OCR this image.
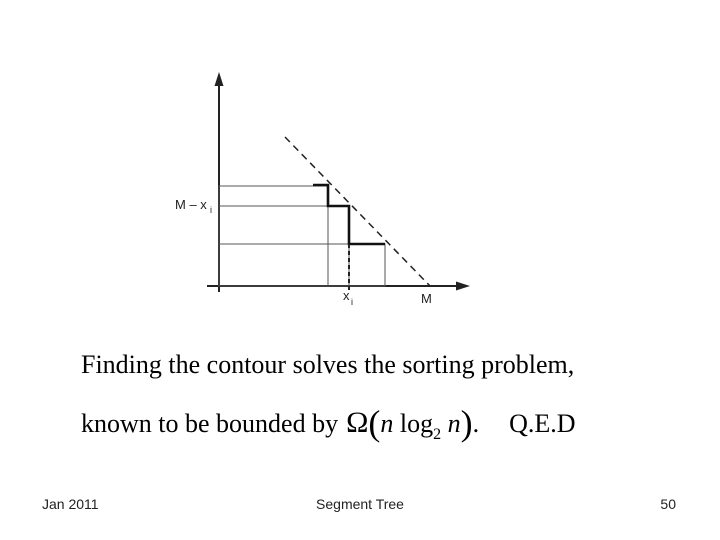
M – x i
x i	M
Finding the contour solves the sorting problem,
known to be bounded by Ω(n $\log_2 n$). Q.E.D
Jan 2011	Segment Tree	50
